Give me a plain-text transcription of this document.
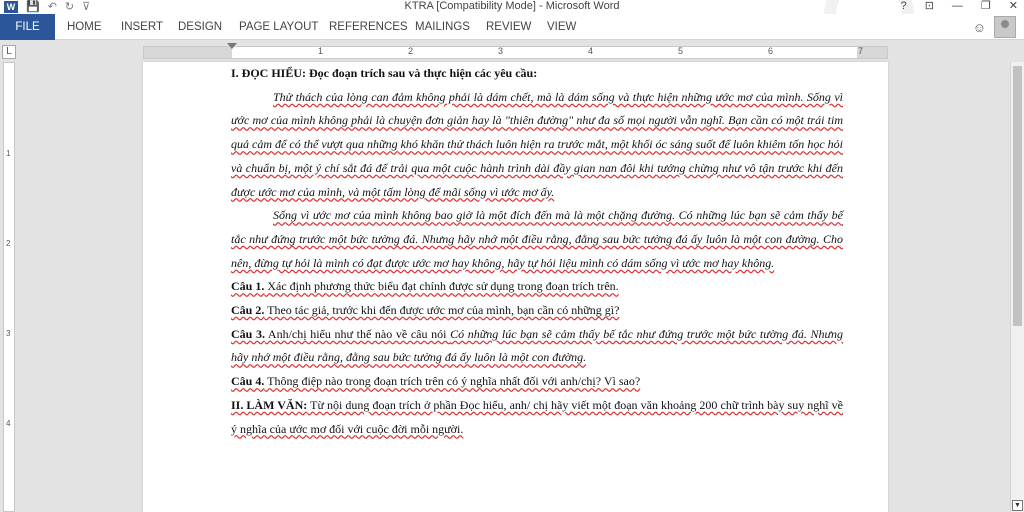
W 💾 ↶ ↻ ⊽	KTRA [Compatibility Mode] - Microsoft Word	? ⊡ — ❐ ✕
FILE	HOME INSERT DESIGN PAGE LAYOUT REFERENCES MAILINGS REVIEW VIEW	☺
L	1	2	3	4	5	6	7
1
2
3
4

I. ĐỌC HIỂU: Đọc đoạn trích sau và thực hiện các yêu cầu:

Thử thách của lòng can đảm không phải là dám chết, mà là dám sống và thực hiện những ước mơ của mình. Sống vì ước mơ của mình không phải là chuyện đơn giản hay là "thiên đường" như đa số mọi người vẫn nghĩ. Bạn cần có một trái tim quả cảm để có thể vượt qua những khó khăn thử thách luôn hiện ra trước mắt, một khối óc sáng suốt để luôn khiêm tốn học hỏi và chuẩn bị, một ý chí sắt đá để trải qua một cuộc hành trình dài đầy gian nan đôi khi tưởng chừng như vô tận trước khi đến được ước mơ của mình, và một tấm lòng để mãi sống vì ước mơ ấy.

Sống vì ước mơ của mình không bao giờ là một đích đến mà là một chặng đường. Có những lúc bạn sẽ cảm thấy bế tắc như đứng trước một bức tường đá. Nhưng hãy nhớ một điều rằng, đằng sau bức tường đá ấy luôn là một con đường. Cho nên, đừng tự hỏi là mình có đạt được ước mơ hay không, hãy tự hỏi liệu mình có dám sống vì ước mơ hay không.

Câu 1. Xác định phương thức biểu đạt chính được sử dụng trong đoạn trích trên.

Câu 2. Theo tác giả, trước khi đến được ước mơ của mình, bạn cần có những gì?

Câu 3. Anh/chị hiểu như thế nào về câu nói Có những lúc bạn sẽ cảm thấy bế tắc như đứng trước một bức tường đá. Nhưng hãy nhớ một điều rằng, đằng sau bức tường đá ấy luôn là một con đường.

Câu 4. Thông điệp nào trong đoạn trích trên có ý nghĩa nhất đối với anh/chị? Vì sao?

II. LÀM VĂN: Từ nội dung đoạn trích ở phần Đọc hiểu, anh/ chị hãy viết một đoạn văn khoảng 200 chữ trình bày suy nghĩ về ý nghĩa của ước mơ đối với cuộc đời mỗi người.

▼
